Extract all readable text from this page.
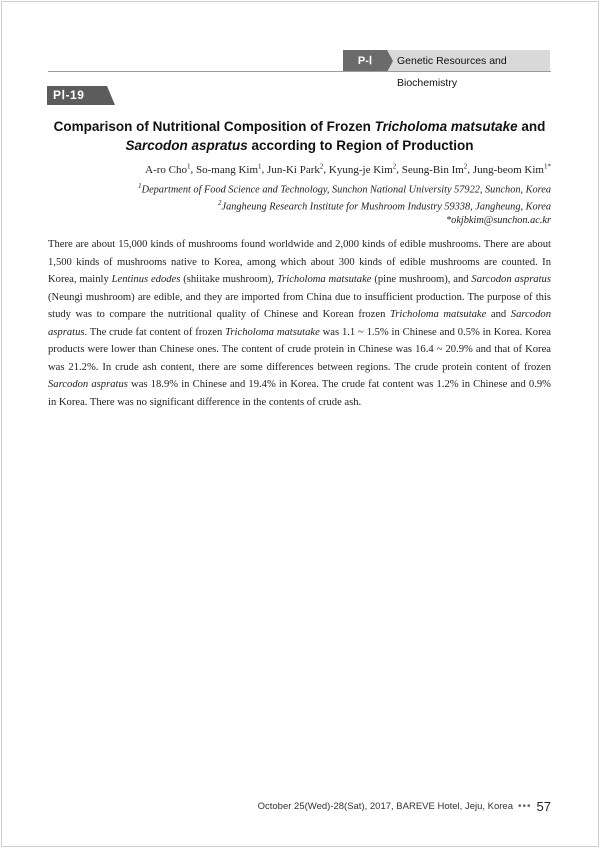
P-Ⅰ	Genetic Resources and Biochemistry
PⅠ-19
Comparison of Nutritional Composition of Frozen Tricholoma matsutake and
Sarcodon aspratus according to Region of Production
A-ro Cho$^1$, So-mang Kim$^1$, Jun-Ki Park$^2$, Kyung-je Kim$^2$, Seung-Bin Im$^2$, Jung-beom Kim$^{1*}$
$^1$Department of Food Science and Technology, Sunchon National University 57922, Sunchon, Korea
$^2$Jangheung Research Institute for Mushroom Industry 59338, Jangheung, Korea
*okjbkim@sunchon.ac.kr
There are about 15,000 kinds of mushrooms found worldwide and 2,000 kinds of edible mushrooms. There are about 1,500 kinds of mushrooms native to Korea, among which about 300 kinds of edible mushrooms are counted. In Korea, mainly Lentinus edodes (shiitake mushroom), Tricholoma matsutake (pine mushroom), and Sarcodon aspratus (Neungi mushroom) are edible, and they are imported from China due to insufficient production. The purpose of this study was to compare the nutritional quality of Chinese and Korean frozen Tricholoma matsutake and Sarcodon aspratus. The crude fat content of frozen Tricholoma matsutake was 1.1 ~ 1.5% in Chinese and 0.5% in Korea. Korea products were lower than Chinese ones. The content of crude protein in Chinese was 16.4 ~ 20.9% and that of Korea was 21.2%. In crude ash content, there are some differences between regions. The crude protein content of frozen Sarcodon aspratus was 18.9% in Chinese and 19.4% in Korea. The crude fat content was 1.2% in Chinese and 0.9% in Korea. There was no significant difference in the contents of crude ash.
October 25(Wed)-28(Sat), 2017, BAREVE Hotel, Jeju, Korea ••• 57
